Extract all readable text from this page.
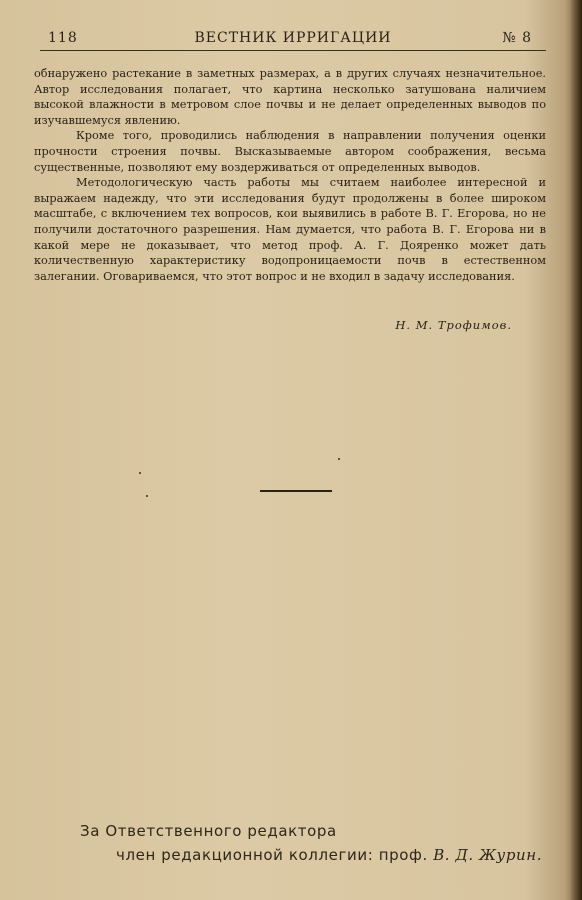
118	ВЕСТНИК ИРРИГАЦИИ	№ 8

обнаружено растекание в заметных размерах, а в других случаях незначительное. Автор исследования полагает, что картина несколько затушована наличием высокой влажности в метровом слое почвы и не делает определенных выводов по изучавшемуся явлению.

Кроме того, проводились наблюдения в направлении получения оценки прочности строения почвы. Высказываемые автором соображения, весьма существенные, позволяют ему воздерживаться от определенных выводов.

Методологическую часть работы мы считаем наиболее интересной и выражаем надежду, что эти исследования будут продолжены в более широком масштабе, с включением тех вопросов, кои выявились в работе В. Г. Егорова, но не получили достаточного разрешения. Нам думается, что работа В. Г. Егорова ни в какой мере не доказывает, что метод проф. А. Г. Дояренко может дать количественную характеристику водопроницаемости почв в естественном залегании. Оговариваемся, что этот вопрос и не входил в задачу исследования.

Н. М. Трофимов.
За Ответственного редактора
член редакционной коллегии: проф. В. Д. Журин.
